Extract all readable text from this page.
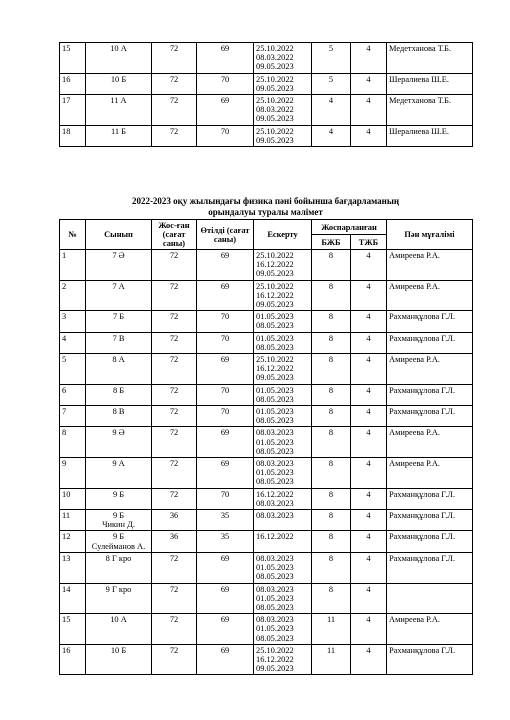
15	10 А	72	69	25.10.2022
08.03.2022
09.05.2023	5	4	Медетханова Т.Б.
16	10 Б	72	70	25.10.2022
09.05.2023	5	4	Шералиева Ш.Е.
17	11 А	72	69	25.10.2022
08.03.2022
09.05.2023	4	4	Медетханова Т.Б.
18	11 Б	72	70	25.10.2022
09.05.2023	4	4	Шералиева Ш.Е.
2022-2023 оқу жылындағы физика пәні бойынша бағдарламаның
орындалуы туралы мәлімет
№	Сынып	Жос-ған (сағат саны)	Өтілді (сағат саны)	Ескерту	Жоспарланған		Пән мұғалімі
					БЖБ	ТЖБ	
1	7 Ә	72	69	25.10.2022
16.12.2022
09.05.2023	8	4	Амиреева Р.А.
2	7 А	72	69	25.10.2022
16.12.2022
09.05.2023	8	4	Амиреева Р.А.
3	7 Б	72	70	01.05.2023
08.05.2023	8	4	Рахманқұлова Г.Л.
4	7 В	72	70	01.05.2023
08.05.2023	8	4	Рахманқұлова Г.Л.
5	8 А	72	69	25.10.2022
16.12.2022
09.05.2023	8	4	Амиреева Р.А.
6	8 Б	72	70	01.05.2023
08.05.2023	8	4	Рахманқұлова Г.Л.
7	8 В	72	70	01.05.2023
08.05.2023	8	4	Рахманқұлова Г.Л.
8	9 Ә	72	69	08.03.2023
01.05.2023
08.05.2023	8	4	Амиреева Р.А.
9	9 А	72	69	08.03.2023
01.05.2023
08.05.2023	8	4	Амиреева Р.А.
10	9 Б	72	70	16.12.2022
08.03.2023	8	4	Рахманқұлова Г.Л.
11	9 Б
Чикин Д.	36	35	08.03.2023	8	4	Рахманқұлова Г.Л.
12	9 Б
Сулейманов А.	36	35	16.12.2022	8	4	Рахманқұлова Г.Л.
13	8 Г кро	72	69	08.03.2023
01.05.2023
08.05.2023	8	4	Рахманқұлова Г.Л.
14	9 Г кро	72	69	08.03.2023
01.05.2023
08.05.2023	8	4	
15	10 А	72	69	08.03.2023
01.05.2023
08.05.2023	11	4	Амиреева Р.А.
16	10 Б	72	69	25.10.2022
16.12.2022
09.05.2023	11	4	Рахманқұлова Г.Л.
